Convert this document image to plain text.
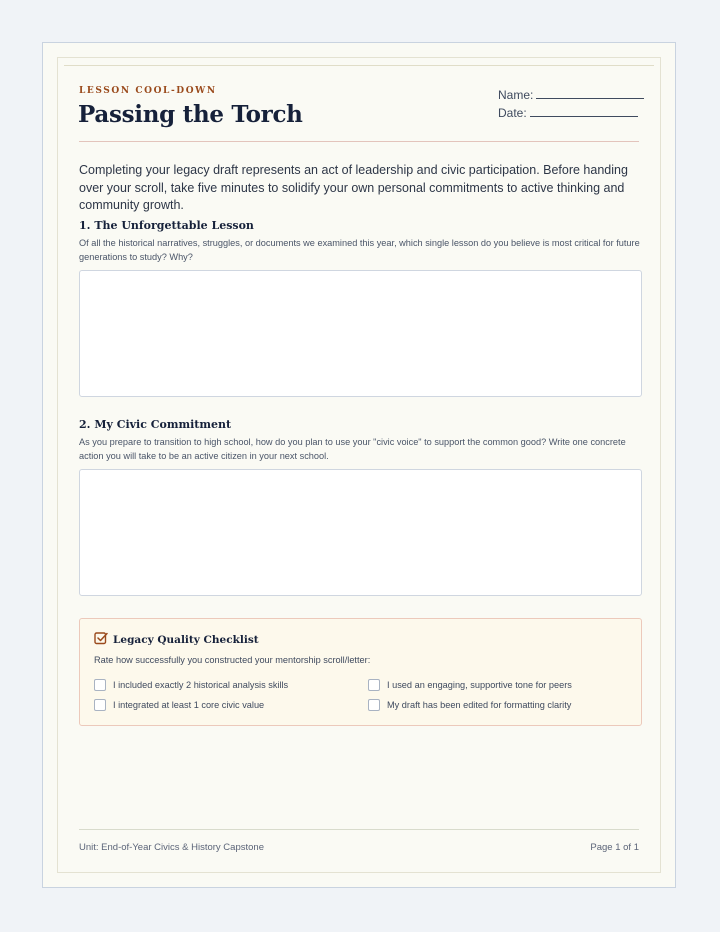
LESSON COOL-DOWN
Passing the Torch
Name:
Date:
Completing your legacy draft represents an act of leadership and civic participation. Before handing over your scroll, take five minutes to solidify your own personal commitments to active thinking and community growth.
1. The Unforgettable Lesson
Of all the historical narratives, struggles, or documents we examined this year, which single lesson do you believe is most critical for future generations to study? Why?
2. My Civic Commitment
As you prepare to transition to high school, how do you plan to use your "civic voice" to support the common good? Write one concrete action you will take to be an active citizen in your next school.
Legacy Quality Checklist
Rate how successfully you constructed your mentorship scroll/letter:
I included exactly 2 historical analysis skills	I used an engaging, supportive tone for peers
I integrated at least 1 core civic value	My draft has been edited for formatting clarity
Unit: End-of-Year Civics & History Capstone	Page 1 of 1
